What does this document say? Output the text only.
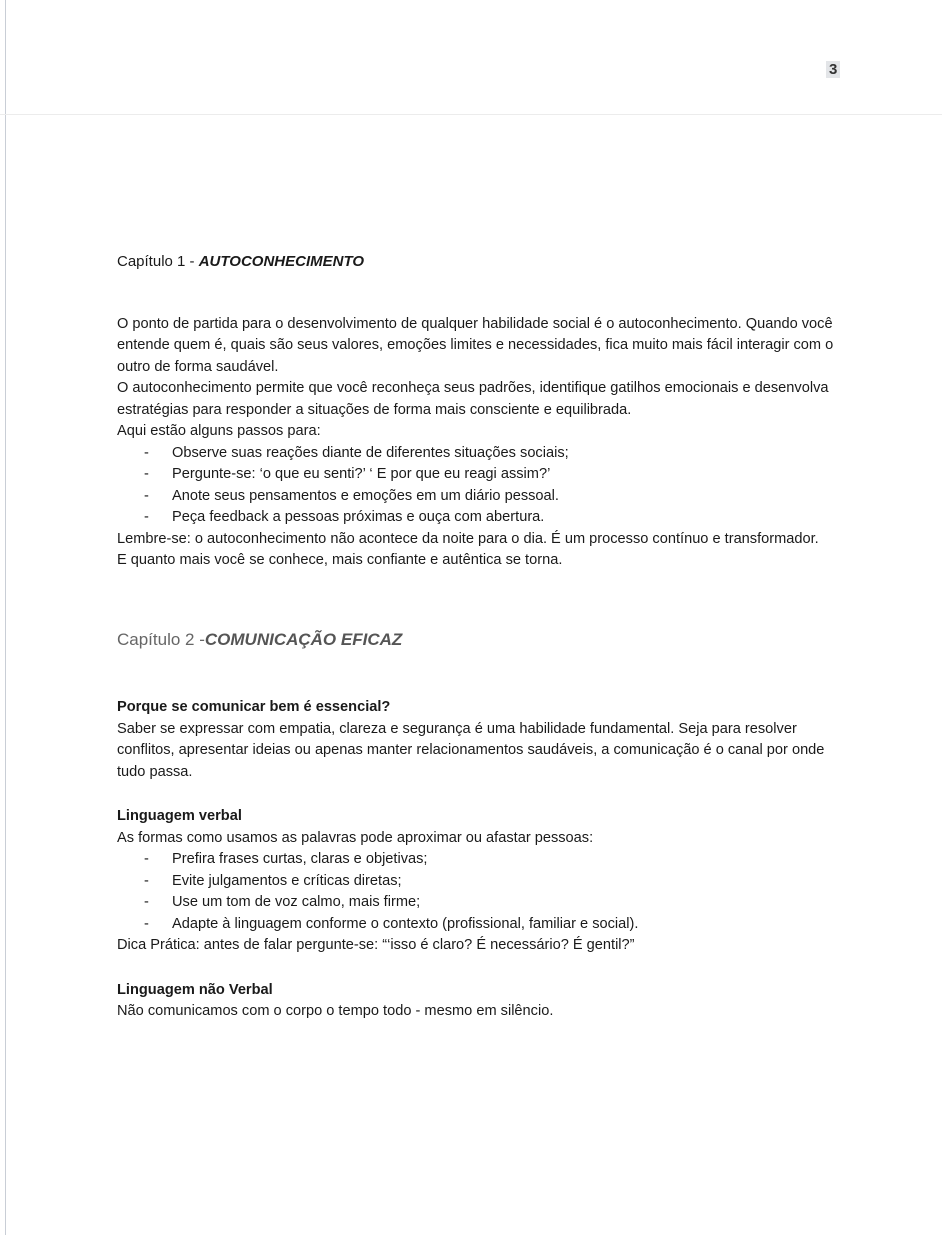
3
Capítulo 1 - AUTOCONHECIMENTO

O ponto de partida para o desenvolvimento de qualquer habilidade social é o autoconhecimento. Quando você entende quem é, quais são seus valores, emoções limites e necessidades, fica muito mais fácil interagir com o outro de forma saudável.

O autoconhecimento permite que você reconheça seus padrões, identifique gatilhos emocionais e desenvolva estratégias para responder a situações de forma mais consciente e equilibrada.

Aqui estão alguns passos para:

- Observe suas reações diante de diferentes situações sociais;
- Pergunte-se: ‘o que eu senti?’ ‘ E por que eu reagi assim?’
- Anote seus pensamentos e emoções em um diário pessoal.
- Peça feedback a pessoas próximas e ouça com abertura.

Lembre-se: o autoconhecimento não acontece da noite para o dia. É um processo contínuo e transformador.

E quanto mais você se conhece, mais confiante e autêntica se torna.

Capítulo 2 -COMUNICAÇÃO EFICAZ

Porque se comunicar bem é essencial?

Saber se expressar com empatia, clareza e segurança é uma habilidade fundamental. Seja para resolver conflitos, apresentar ideias ou apenas manter relacionamentos saudáveis, a comunicação é o canal por onde tudo passa.

Linguagem verbal

As formas como usamos as palavras pode aproximar ou afastar pessoas:

- Prefira frases curtas, claras e objetivas;
- Evite julgamentos e críticas diretas;
- Use um tom de voz calmo, mais firme;
- Adapte à linguagem conforme o contexto (profissional, familiar e social).

Dica Prática: antes de falar pergunte-se: “‘isso é claro? É necessário? É gentil?”

Linguagem não Verbal

Não comunicamos com o corpo o tempo todo - mesmo em silêncio.
